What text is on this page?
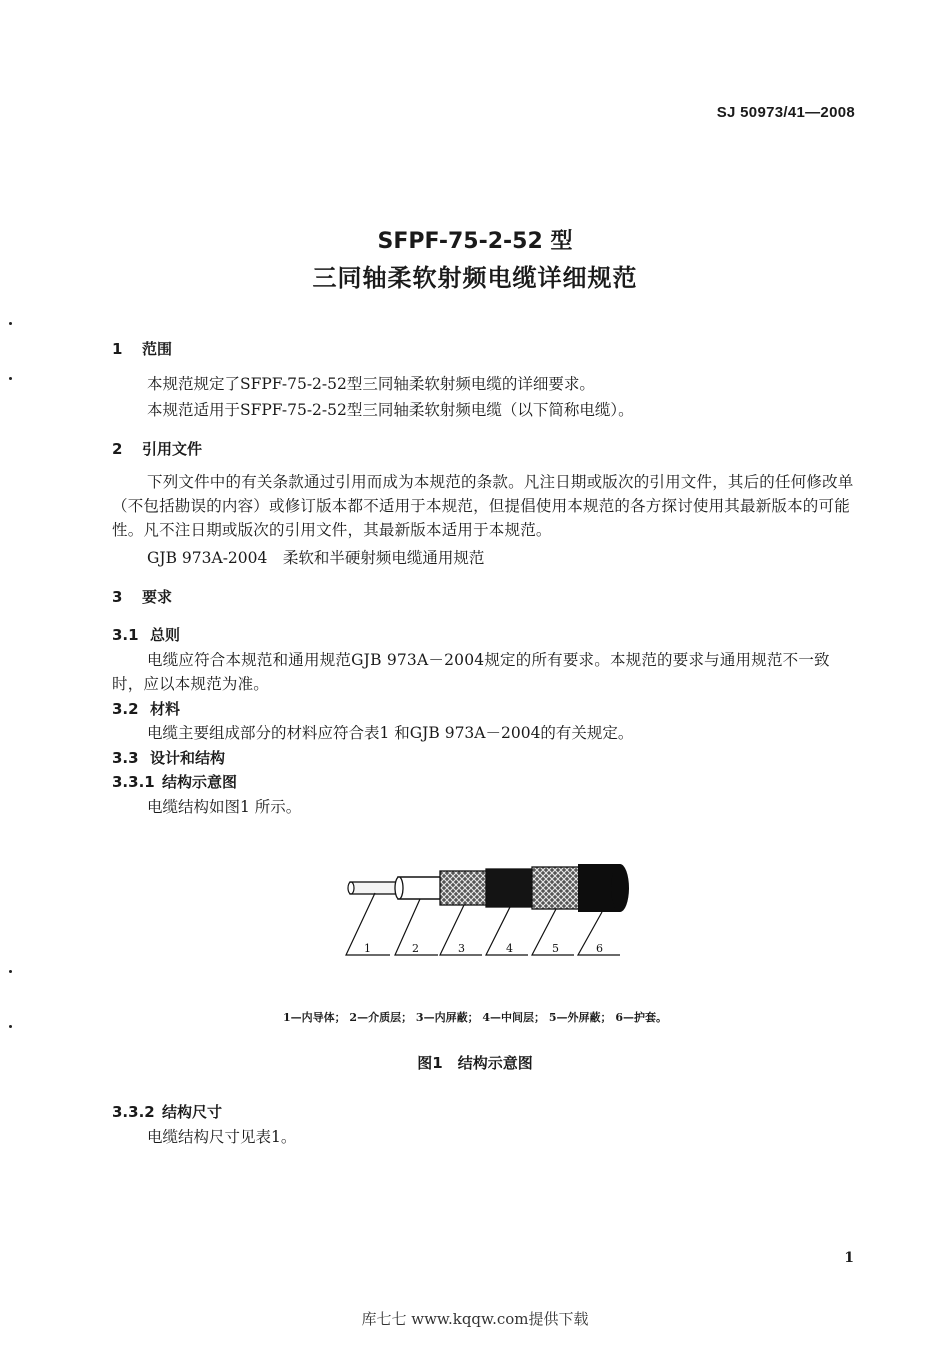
SJ 50973/41—2008
SFPF-75-2-52 型
三同轴柔软射频电缆详细规范
1 范围
本规范规定了SFPF-75-2-52型三同轴柔软射频电缆的详细要求。
本规范适用于SFPF-75-2-52型三同轴柔软射频电缆（以下简称电缆）。
2 引用文件
下列文件中的有关条款通过引用而成为本规范的条款。凡注日期或版次的引用文件，其后的任何修改单（不包括勘误的内容）或修订版本都不适用于本规范，但提倡使用本规范的各方探讨使用其最新版本的可能性。凡不注日期或版次的引用文件，其最新版本适用于本规范。
GJB 973A-2004　柔软和半硬射频电缆通用规范
3 要求
3.1 总则
电缆应符合本规范和通用规范GJB 973A－2004规定的所有要求。本规范的要求与通用规范不一致时，应以本规范为准。
3.2 材料
电缆主要组成部分的材料应符合表1 和GJB 973A－2004的有关规定。
3.3 设计和结构
3.3.1 结构示意图
电缆结构如图1 所示。
1	2	3	4	5	6
1—内导体； 2—介质层； 3—内屏蔽； 4—中间层； 5—外屏蔽； 6—护套。
图1　结构示意图
3.3.2 结构尺寸
电缆结构尺寸见表1。
1
库七七 www.kqqw.com提供下载
